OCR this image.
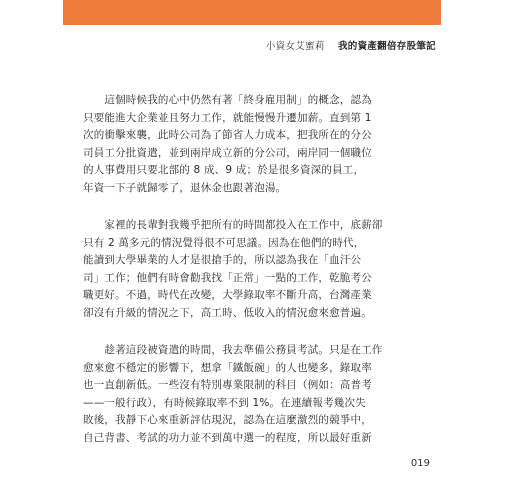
小資女艾蜜莉 我的資產翻倍存股筆記

　　這個時候我的心中仍然有著「終身雇用制」的概念，認為
只要能進大企業並且努力工作，就能慢慢升遷加薪。直到第 1
次的衝擊來襲，此時公司為了節省人力成本，把我所在的分公
司員工分批資遣，並到兩岸成立新的分公司，兩岸同一個職位
的人事費用只要北部的 8 成、9 成；於是很多資深的員工，
年資一下子就歸零了，退休金也跟著泡湯。

　　家裡的長輩對我幾乎把所有的時間都投入在工作中，底薪卻
只有 2 萬多元的情況覺得很不可思議。因為在他們的時代，
能讀到大學畢業的人才是很搶手的，所以認為我在「血汗公
司」工作；他們有時會勸我找「正常」一點的工作，乾脆考公
職更好。不過，時代在改變，大學錄取率不斷升高，台灣產業
卻沒有升級的情況之下，高工時、低收入的情況愈來愈普遍。

　　趁著這段被資遣的時間，我去準備公務員考試。只是在工作
愈來愈不穩定的影響下，想拿「鐵飯碗」的人也變多，錄取率
也一直創新低。一些沒有特別專業限制的科目（例如：高普考
——一般行政），有時候錄取率不到 1%。在連續報考幾次失
敗後，我靜下心來重新評估現況，認為在這麼激烈的競爭中，
自己背書、考試的功力並不到萬中選一的程度，所以最好重新

019
